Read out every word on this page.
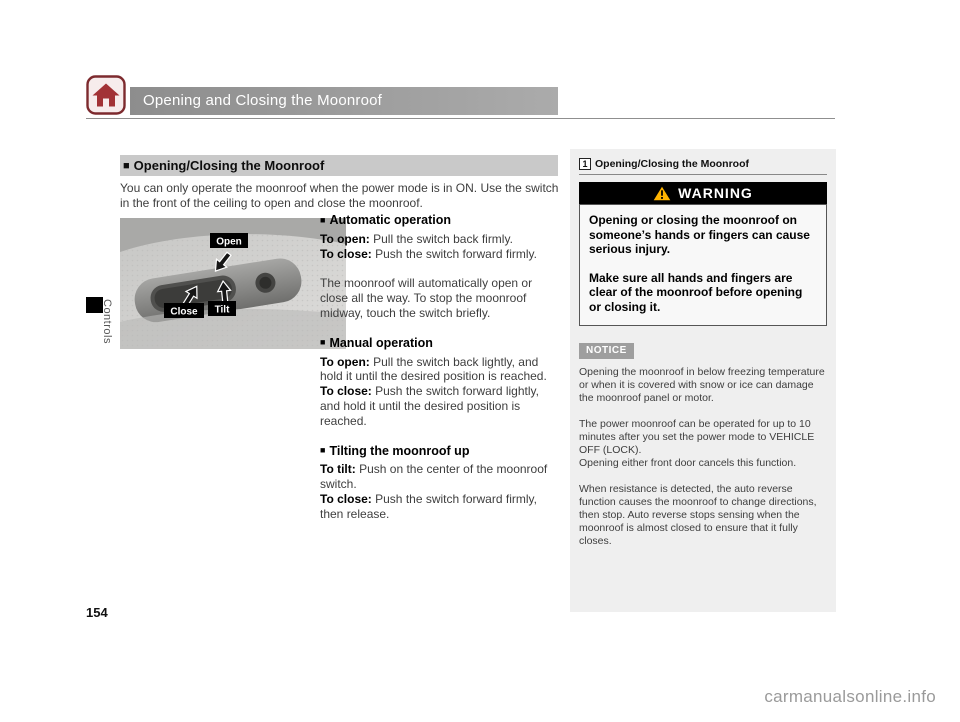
Opening and Closing the Moonroof
Controls
154
carmanualsonline.info
■ Opening/Closing the Moonroof

You can only operate the moonroof when the power mode is in ON. Use the switch in the front of the ceiling to open and close the moonroof.

Open
Close Tilt
■ Automatic operation

To open: Pull the switch back firmly.

To close: Push the switch forward firmly.

The moonroof will automatically open or close all the way. To stop the moonroof midway, touch the switch briefly.

■ Manual operation

To open: Pull the switch back lightly, and hold it until the desired position is reached.

To close: Push the switch forward lightly, and hold it until the desired position is reached.

■ Tilting the moonroof up

To tilt: Push on the center of the moonroof switch.

To close: Push the switch forward firmly, then release.

1 Opening/Closing the Moonroof
WARNING

Opening or closing the moonroof on someone’s hands or fingers can cause serious injury.

Make sure all hands and fingers are clear of the moonroof before opening or closing it.

NOTICE

Opening the moonroof in below freezing temperature or when it is covered with snow or ice can damage the moonroof panel or motor.

The power moonroof can be operated for up to 10 minutes after you set the power mode to VEHICLE OFF (LOCK).

Opening either front door cancels this function.

When resistance is detected, the auto reverse function causes the moonroof to change directions, then stop. Auto reverse stops sensing when the moonroof is almost closed to ensure that it fully closes.
